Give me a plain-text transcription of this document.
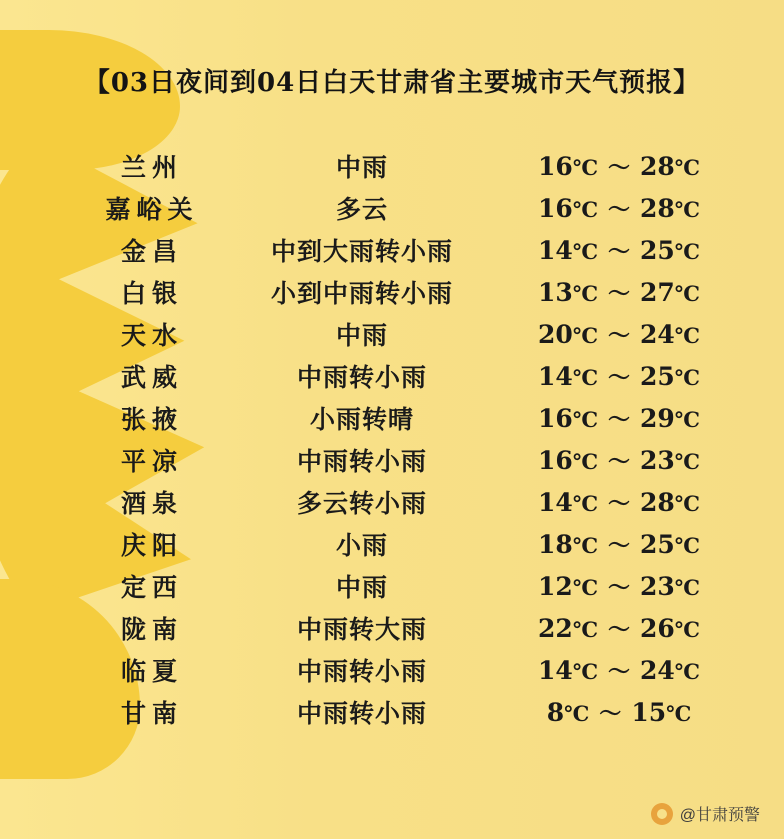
【03日夜间到04日白天甘肃省主要城市天气预报】
兰州	中雨	16℃ ～ 28℃
嘉峪关	多云	16℃ ～ 28℃
金昌	中到大雨转小雨	14℃ ～ 25℃
白银	小到中雨转小雨	13℃ ～ 27℃
天水	中雨	20℃ ～ 24℃
武威	中雨转小雨	14℃ ～ 25℃
张掖	小雨转晴	16℃ ～ 29℃
平凉	中雨转小雨	16℃ ～ 23℃
酒泉	多云转小雨	14℃ ～ 28℃
庆阳	小雨	18℃ ～ 25℃
定西	中雨	12℃ ～ 23℃
陇南	中雨转大雨	22℃ ～ 26℃
临夏	中雨转小雨	14℃ ～ 24℃
甘南	中雨转小雨	8℃ ～ 15℃
@甘肃预警
